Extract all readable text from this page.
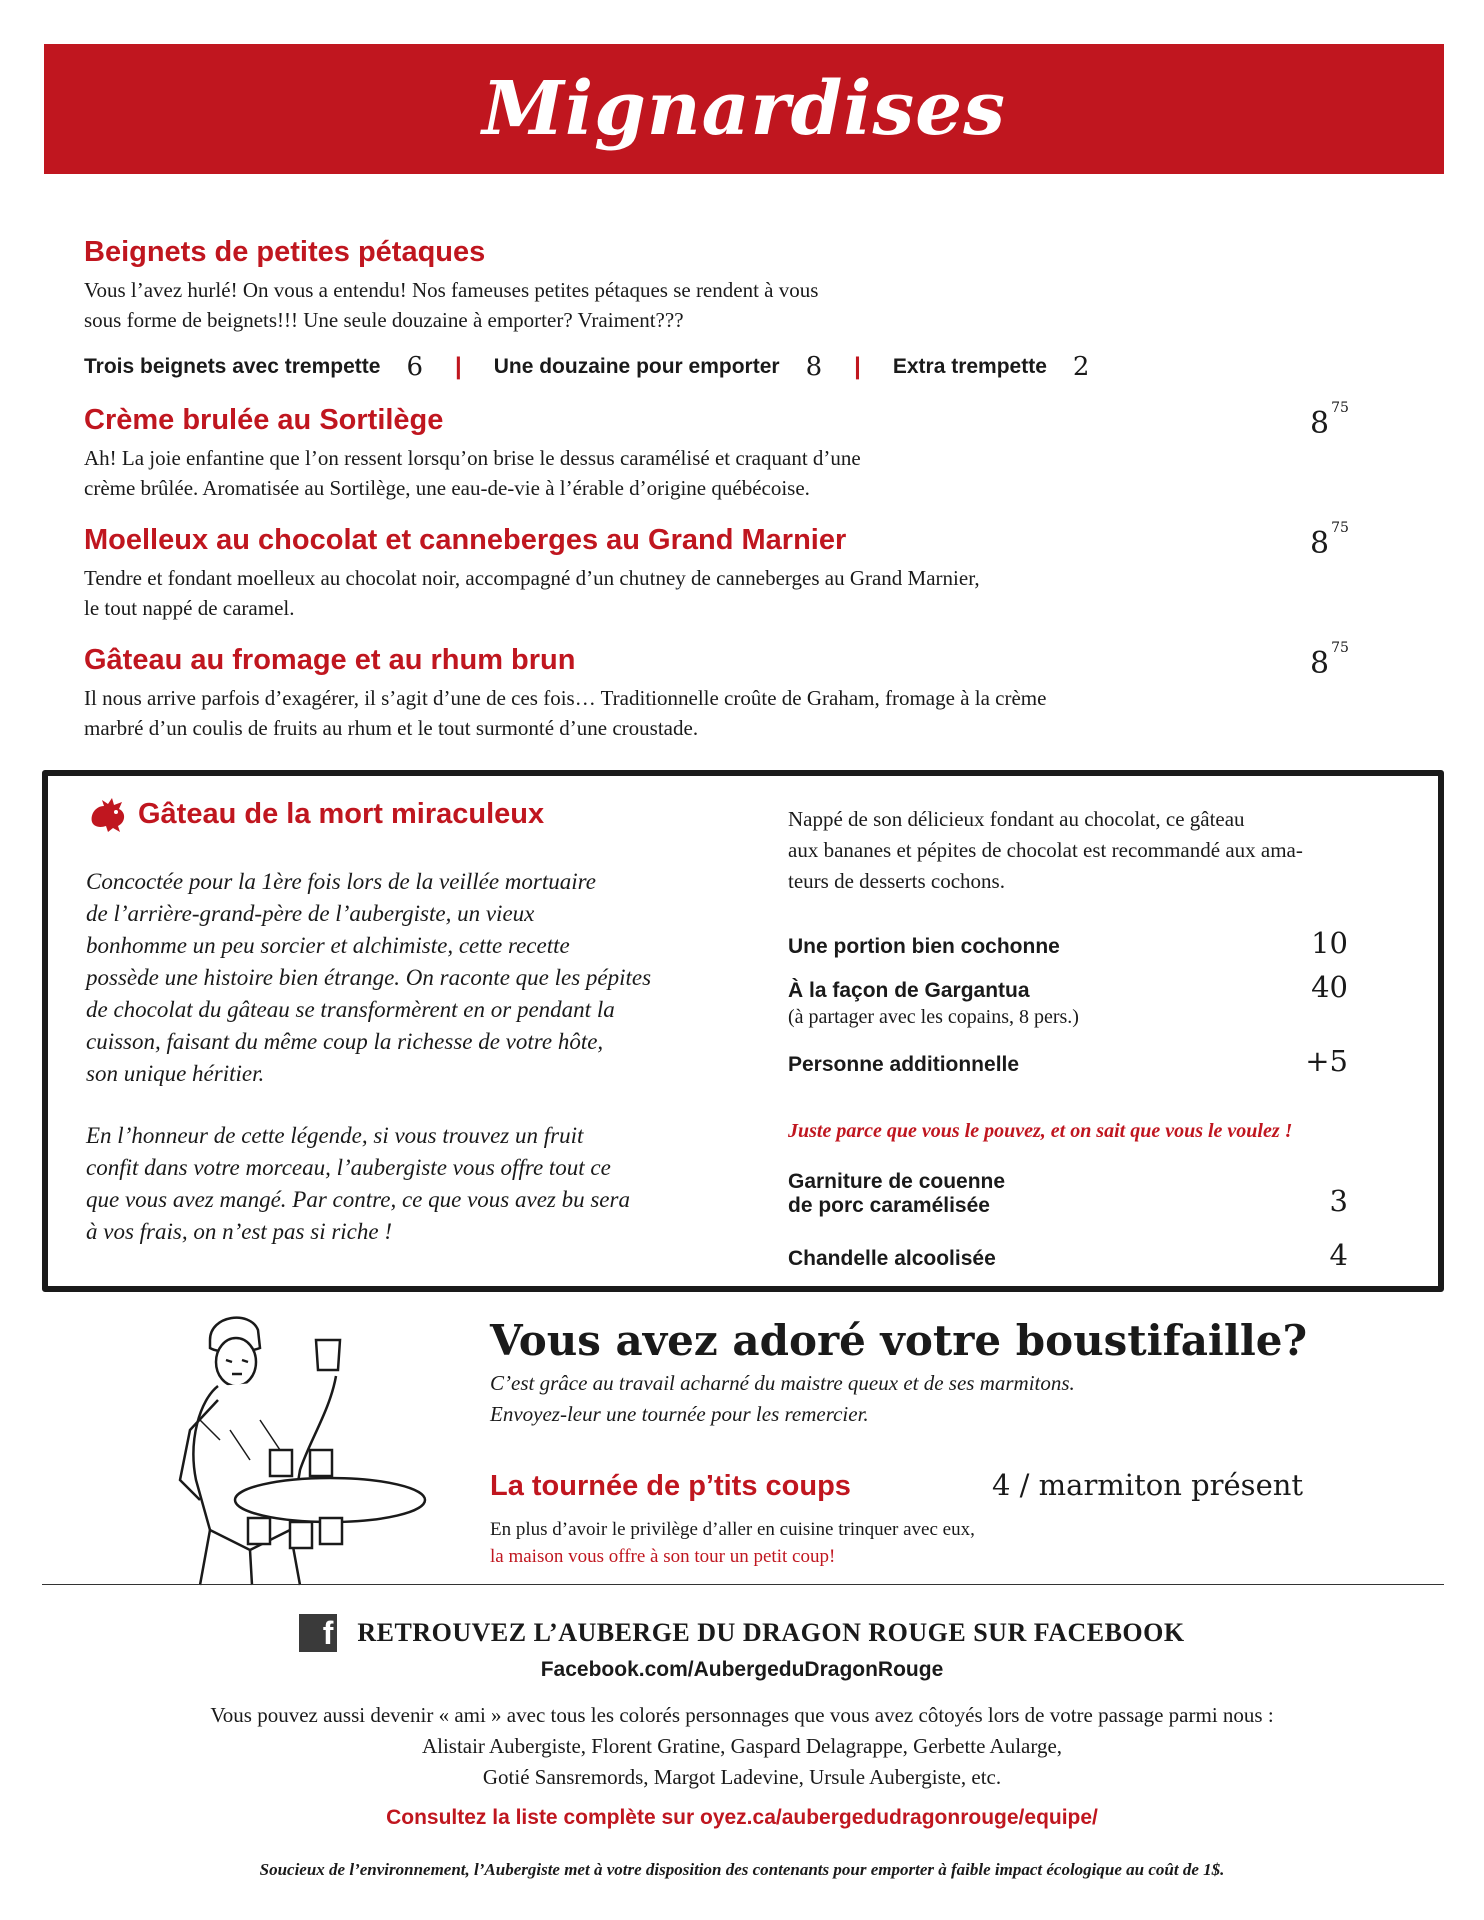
Mignardises
Beignets de petites pétaques
Vous l’avez hurlé! On vous a entendu! Nos fameuses petites pétaques se rendent à vous
sous forme de beignets!!! Une seule douzaine à emporter? Vraiment???
Trois beignets avec trempette 6 | Une douzaine pour emporter 8 | Extra trempette 2
Crème brulée au Sortilège
Ah! La joie enfantine que l’on ressent lorsqu’on brise le dessus caramélisé et craquant d’une
crème brûlée. Aromatisée au Sortilège, une eau-de-vie à l’érable d’origine québécoise.
8 $^{75}$
Moelleux au chocolat et canneberges au Grand Marnier
Tendre et fondant moelleux au chocolat noir, accompagné d’un chutney de canneberges au Grand Marnier,
le tout nappé de caramel.
8 $^{75}$
Gâteau au fromage et au rhum brun
Il nous arrive parfois d’exagérer, il s’agit d’une de ces fois… Traditionnelle croûte de Graham, fromage à la crème
marbré d’un coulis de fruits au rhum et le tout surmonté d’une croustade.
8 $^{75}$
Gâteau de la mort miraculeux

Concoctée pour la 1ère fois lors de la veillée mortuaire
de l’arrière-grand-père de l’aubergiste, un vieux
bonhomme un peu sorcier et alchimiste, cette recette
possède une histoire bien étrange. On raconte que les pépites
de chocolat du gâteau se transformèrent en or pendant la
cuisson, faisant du même coup la richesse de votre hôte,
son unique héritier.

En l’honneur de cette légende, si vous trouvez un fruit
confit dans votre morceau, l’aubergiste vous offre tout ce
que vous avez mangé. Par contre, ce que vous avez bu sera
à vos frais, on n’est pas si riche !

Nappé de son délicieux fondant au chocolat, ce gâteau
aux bananes et pépites de chocolat est recommandé aux ama-
teurs de desserts cochons.
Une portion bien cochonne	10
À la façon de Gargantua	40
(à partager avec les copains, 8 pers.)
Personne additionnelle	+5
Juste parce que vous le pouvez, et on sait que vous le voulez !
Garniture de couenne
de porc caramélisée	3
Chandelle alcoolisée	4
Vous avez adoré votre boustifaille?
C’est grâce au travail acharné du maistre queux et de ses marmitons.
Envoyez-leur une tournée pour les remercier.
La tournée de p’tits coups	4 / marmiton présent
En plus d’avoir le privilège d’aller en cuisine trinquer avec eux,
la maison vous offre à son tour un petit coup!
f RETROUVEZ L’AUBERGE DU DRAGON ROUGE SUR FACEBOOK
Facebook.com/AubergeduDragonRouge
Vous pouvez aussi devenir « ami » avec tous les colorés personnages que vous avez côtoyés lors de votre passage parmi nous :
Alistair Aubergiste, Florent Gratine, Gaspard Delagrappe, Gerbette Aularge,
Gotié Sansremords, Margot Ladevine, Ursule Aubergiste, etc.
Consultez la liste complète sur oyez.ca/aubergedudragonrouge/equipe/
Soucieux de l’environnement, l’Aubergiste met à votre disposition des contenants pour emporter à faible impact écologique au coût de 1$.
